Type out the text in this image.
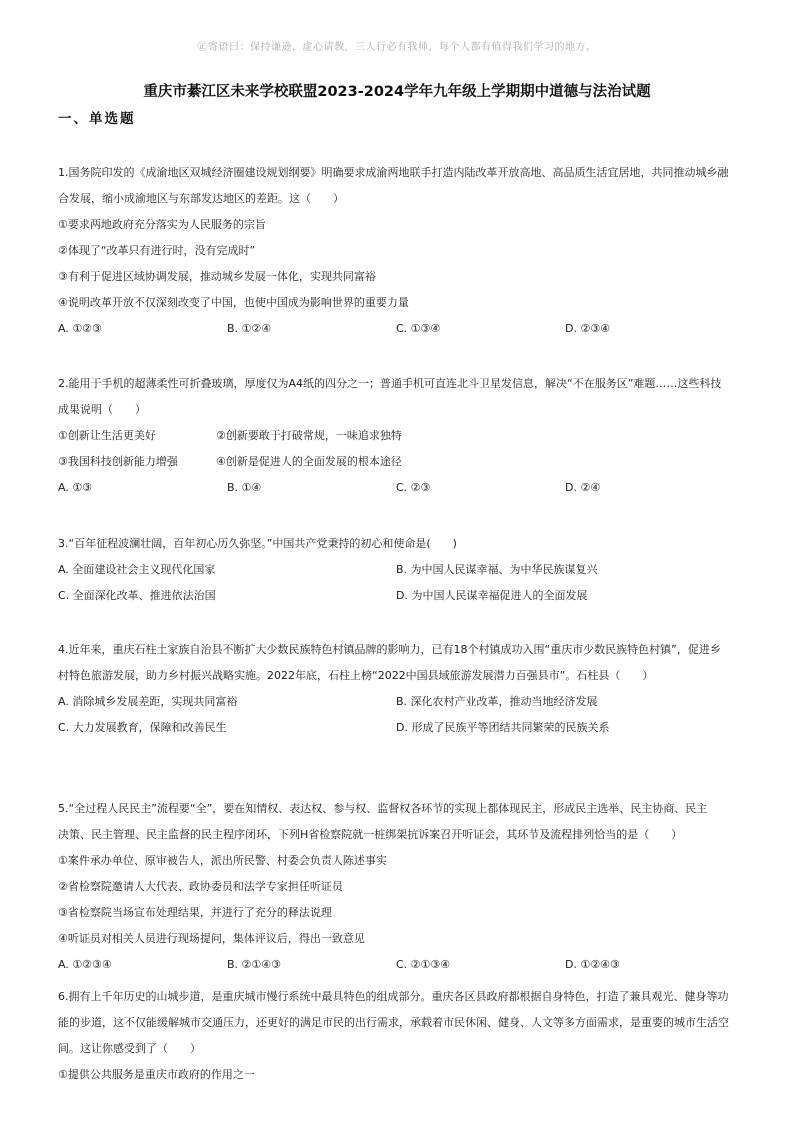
㊣寄语曰：保持谦逊，虚心请教，三人行必有我师，每个人都有值得我们学习的地方。
重庆市綦江区未来学校联盟2023-2024学年九年级上学期期中道德与法治试题
一、单选题

1.国务院印发的《成渝地区双城经济圈建设规划纲要》明确要求成渝两地联手打造内陆改革开放高地、高品质生活宜居地，共同推动城乡融

合发展，缩小成渝地区与东部发达地区的差距。这（　　）

①要求两地政府充分落实为人民服务的宗旨

②体现了“改革只有进行时，没有完成时”

③有利于促进区域协调发展，推动城乡发展一体化，实现共同富裕

④说明改革开放不仅深刻改变了中国，也使中国成为影响世界的重要力量

A. ①②③	B. ①②④	C. ①③④	D. ②③④

2.能用于手机的超薄柔性可折叠玻璃，厚度仅为A4纸的四分之一；普通手机可直连北斗卫星发信息，解决“不在服务区”难题……这些科技

成果说明（　　）

①创新让生活更美好	②创新要敢于打破常规，一味追求独特
③我国科技创新能力增强	④创新是促进人的全面发展的根本途径
A. ①③	B. ①④	C. ②③	D. ②④

3.“百年征程波澜壮阔，百年初心历久弥坚。”中国共产党秉持的初心和使命是(　　)

A. 全面建设社会主义现代化国家	B. 为中国人民谋幸福、为中华民族谋复兴
C. 全面深化改革、推进依法治国	D. 为中国人民谋幸福促进人的全面发展

4.近年来，重庆石柱土家族自治县不断扩大少数民族特色村镇品牌的影响力，已有18个村镇成功入围“重庆市少数民族特色村镇”，促进乡

村特色旅游发展，助力乡村振兴战略实施。2022年底，石柱上榜“2022中国县域旅游发展潜力百强县市”。石柱县（　　）

A. 消除城乡发展差距，实现共同富裕	B. 深化农村产业改革，推动当地经济发展
C. 大力发展教育，保障和改善民生	D. 形成了民族平等团结共同繁荣的民族关系

5.“全过程人民民主”流程要“全”，要在知情权、表达权、参与权、监督权各环节的实现上都体现民主，形成民主选举、民主协商、民主

决策、民主管理、民主监督的民主程序闭环，下列H省检察院就一桩绑架抗诉案召开听证会，其环节及流程排列恰当的是（　　）

①案件承办单位、原审被告人，派出所民警、村委会负责人陈述事实

②省检察院邀请人大代表、政协委员和法学专家担任听证员

③省检察院当场宣布处理结果，并进行了充分的释法说理

④听证员对相关人员进行现场提问，集体评议后，得出一致意见

A. ①②③④	B. ②①④③	C. ②①③④	D. ①②④③

6.拥有上千年历史的山城步道，是重庆城市慢行系统中最具特色的组成部分。重庆各区县政府都根据自身特色，打造了兼具观光、健身等功

能的步道，这不仅能缓解城市交通压力，还更好的满足市民的出行需求，承载着市民休闲、健身、人文等多方面需求，是重要的城市生活空

间。这让你感受到了（　　）

①提供公共服务是重庆市政府的作用之一
